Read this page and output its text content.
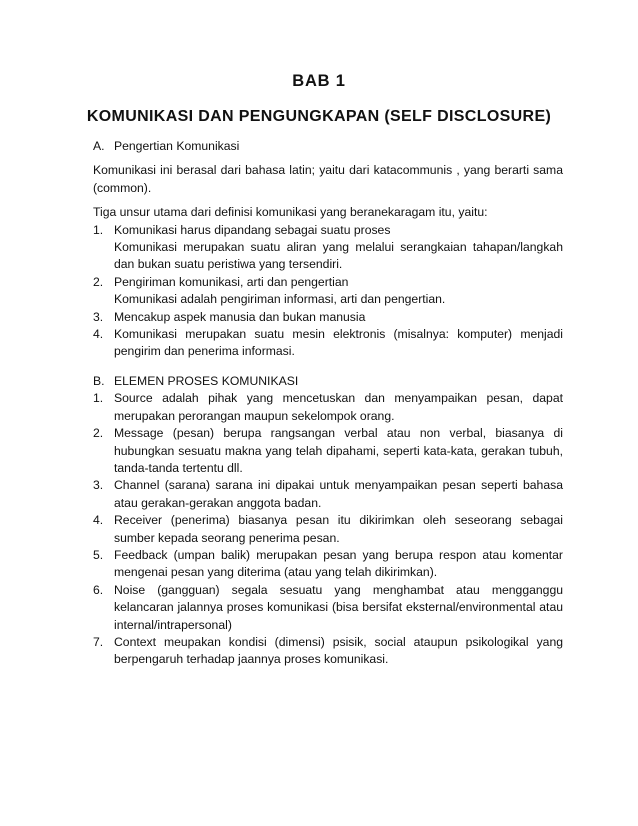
BAB 1
KOMUNIKASI DAN PENGUNGKAPAN (SELF DISCLOSURE)
A. Pengertian Komunikasi

Komunikasi ini berasal dari bahasa latin; yaitu dari katacommunis , yang berarti sama (common).

Tiga unsur utama dari definisi komunikasi yang beranekaragam itu, yaitu:

1. Komunikasi harus dipandang sebagai suatu proses
Komunikasi merupakan suatu aliran yang melalui serangkaian tahapan/langkah dan bukan suatu peristiwa yang tersendiri.
2. Pengiriman komunikasi, arti dan pengertian
Komunikasi adalah pengiriman informasi, arti dan pengertian.
3. Mencakup aspek manusia dan bukan manusia
4. Komunikasi merupakan suatu mesin elektronis (misalnya: komputer) menjadi pengirim dan penerima informasi.
B. ELEMEN PROSES KOMUNIKASI
1. Source adalah pihak yang mencetuskan dan menyampaikan pesan, dapat merupakan perorangan maupun sekelompok orang.
2. Message (pesan) berupa rangsangan verbal atau non verbal, biasanya di hubungkan sesuatu makna yang telah dipahami, seperti kata-kata, gerakan tubuh, tanda-tanda tertentu dll.
3. Channel (sarana) sarana ini dipakai untuk menyampaikan pesan seperti bahasa atau gerakan-gerakan anggota badan.
4. Receiver (penerima) biasanya pesan itu dikirimkan oleh seseorang sebagai sumber kepada seorang penerima pesan.
5. Feedback (umpan balik) merupakan pesan yang berupa respon atau komentar mengenai pesan yang diterima (atau yang telah dikirimkan).
6. Noise (gangguan) segala sesuatu yang menghambat atau mengganggu kelancaran jalannya proses komunikasi (bisa bersifat eksternal/environmental atau internal/intrapersonal)
7. Context meupakan kondisi (dimensi) psisik, social ataupun psikologikal yang berpengaruh terhadap jaannya proses komunikasi.
